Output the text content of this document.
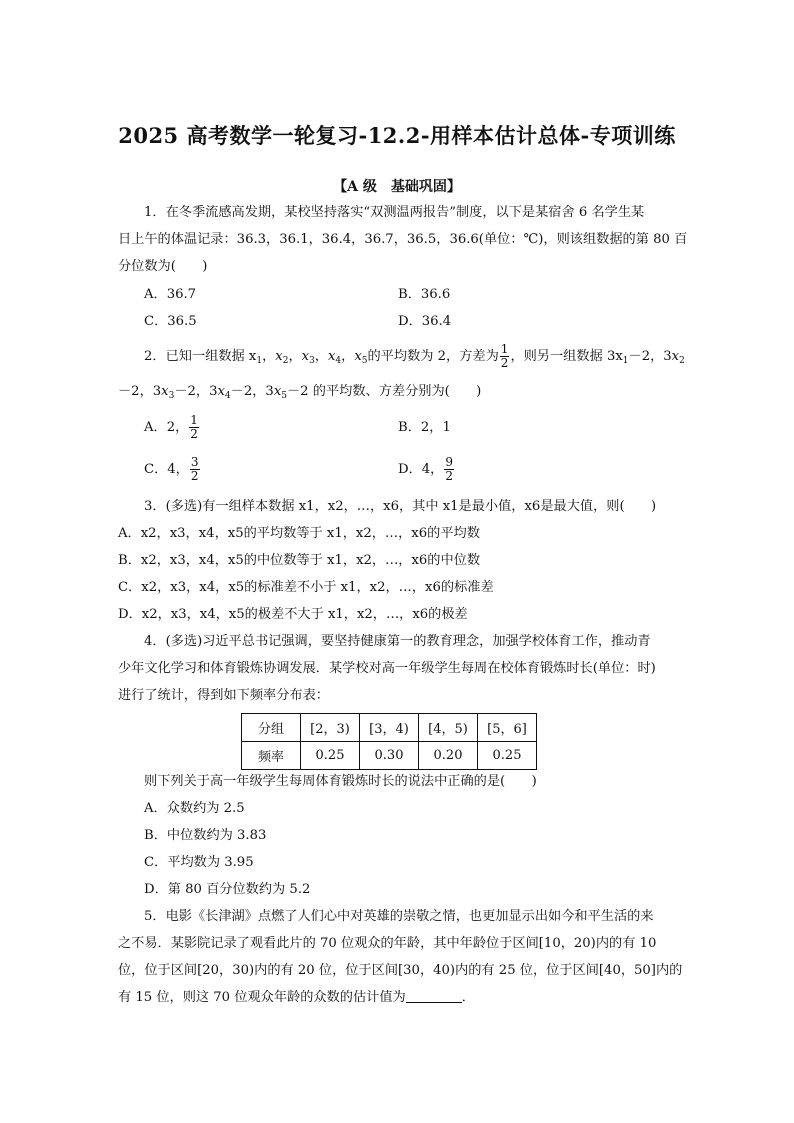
2025 高考数学一轮复习-12.2-用样本估计总体-专项训练
【A 级　基础巩固】
1．在冬季流感高发期，某校坚持落实“双测温两报告”制度，以下是某宿舍 6 名学生某
日上午的体温记录：36.3，36.1，36.4，36.7，36.5，36.6(单位：℃)，则该组数据的第 80 百
分位数为(　　)
A．36.7	B．36.6
C．36.5	D．36.4
2．已知一组数据 $x_1$，$x_2$，$x_3$，$x_4$，$x_5$的平均数为 2，方差为 $\frac{1}{2}$ ，则另一组数据 $3x_1-2$，$3x_2$
－2，$3x_3-2$，$3x_4-2$，$3x_5-2$ 的平均数、方差分别为(　　)
A．2， $\frac{1}{2}$	B．2，1
C．4， $\frac{3}{2}$	D．4， $\frac{9}{2}$
3．(多选)有一组样本数据 x1，x2，…，x6，其中 x1是最小值，x6是最大值，则(　　)
A．x2，x3，x4，x5的平均数等于 x1，x2，…，x6的平均数
B．x2，x3，x4，x5的中位数等于 x1，x2，…，x6的中位数
C．x2，x3，x4，x5的标准差不小于 x1，x2，…，x6的标准差
D．x2，x3，x4，x5的极差不大于 x1，x2，…，x6的极差
4．(多选)习近平总书记强调，要坚持健康第一的教育理念，加强学校体育工作，推动青
少年文化学习和体育锻炼协调发展．某学校对高一年级学生每周在校体育锻炼时长(单位：时)
进行了统计，得到如下频率分布表：
分组	[2，3)	[3，4)	[4，5)	[5，6]
频率	0.25	0.30	0.20	0.25
则下列关于高一年级学生每周体育锻炼时长的说法中正确的是(　　)
A．众数约为 2.5
B．中位数约为 3.83
C．平均数为 3.95
D．第 80 百分位数约为 5.2
5．电影《长津湖》点燃了人们心中对英雄的崇敬之情，也更加显示出如今和平生活的来
之不易．某影院记录了观看此片的 70 位观众的年龄，其中年龄位于区间[10，20)内的有 10
位，位于区间[20，30)内的有 20 位，位于区间[30，40)内的有 25 位，位于区间[40，50]内的
有 15 位，则这 70 位观众年龄的众数的估计值为	．
